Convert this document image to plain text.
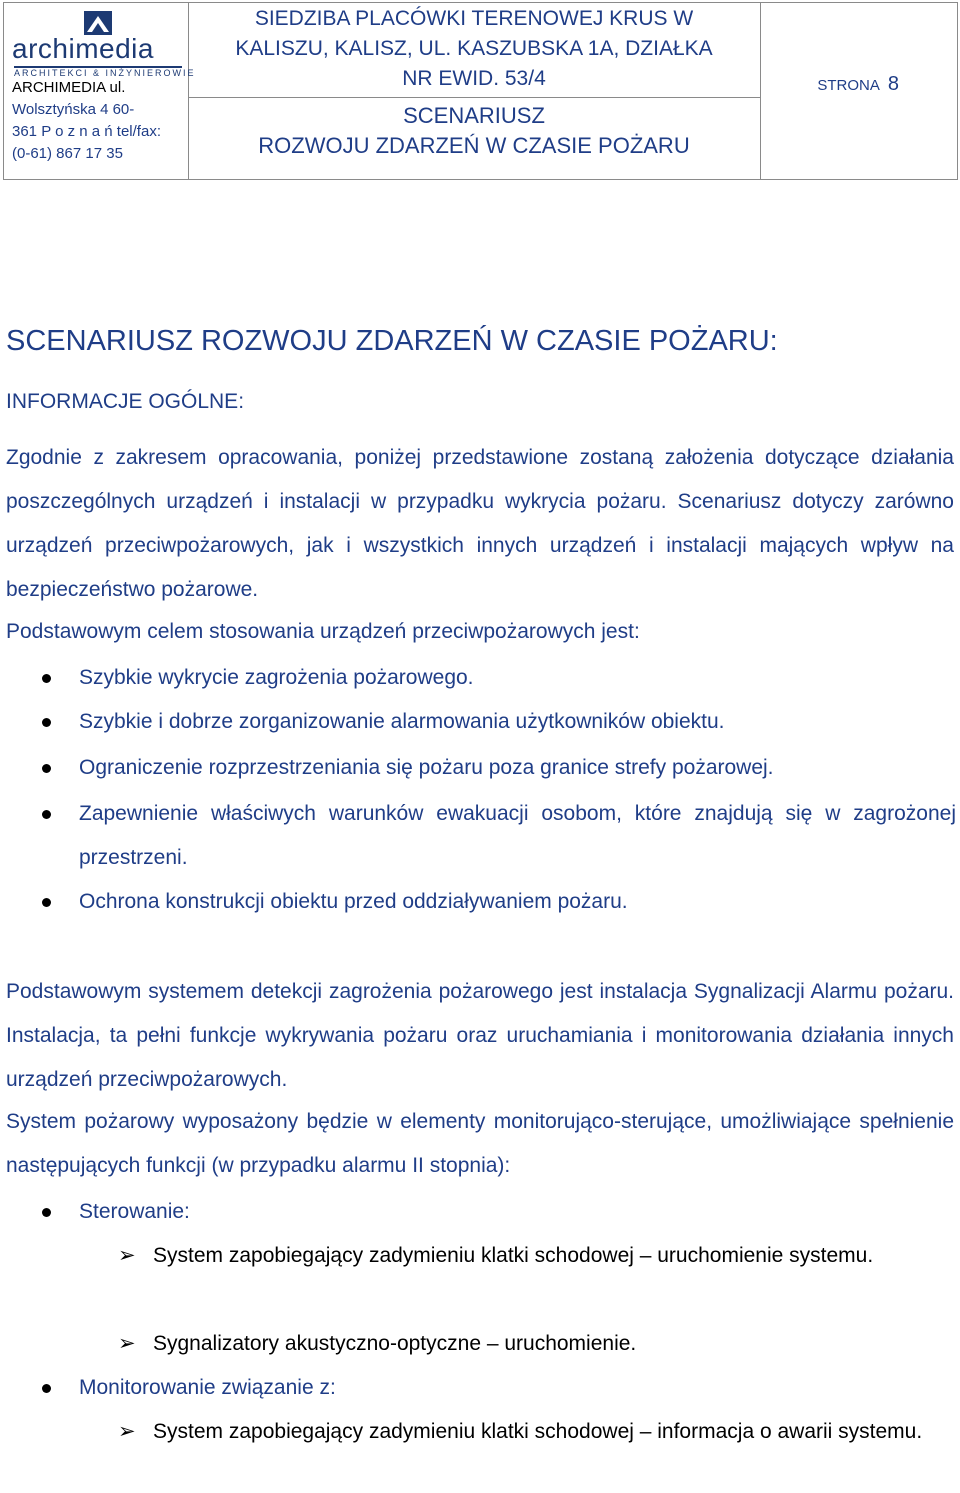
archimedia
ARCHITEKCI & INŻYNIEROWIE
ARCHIMEDIA ul.
Wolsztyńska 4 60-
361 P o z n a ń tel/fax:
(0-61) 867 17 35
SIEDZIBA PLACÓWKI TERENOWEJ KRUS W
KALISZU, KALISZ, UL. KASZUBSKA 1A, DZIAŁKA
NR EWID. 53/4
SCENARIUSZ
ROZWOJU ZDARZEŃ W CZASIE POŻARU
STRONA 8
SCENARIUSZ ROZWOJU ZDARZEŃ W CZASIE POŻARU:
INFORMACJE OGÓLNE:
Zgodnie z zakresem opracowania, poniżej przedstawione zostaną założenia dotyczące działania poszczególnych urządzeń i instalacji w przypadku wykrycia pożaru. Scenariusz dotyczy zarówno urządzeń przeciwpożarowych, jak i wszystkich innych urządzeń i instalacji mających wpływ na bezpieczeństwo pożarowe.
Podstawowym celem stosowania urządzeń przeciwpożarowych jest:
Szybkie wykrycie zagrożenia pożarowego.
Szybkie i dobrze zorganizowanie alarmowania użytkowników obiektu.
Ograniczenie rozprzestrzeniania się pożaru poza granice strefy pożarowej.
Zapewnienie właściwych warunków ewakuacji osobom, które znajdują się w zagrożonej przestrzeni.
Ochrona konstrukcji obiektu przed oddziaływaniem pożaru.
Podstawowym systemem detekcji zagrożenia pożarowego jest instalacja Sygnalizacji Alarmu pożaru. Instalacja, ta pełni funkcje wykrywania pożaru oraz uruchamiania i monitorowania działania innych urządzeń przeciwpożarowych.
System pożarowy wyposażony będzie w elementy monitorująco-sterujące, umożliwiające spełnienie następujących funkcji (w przypadku alarmu II stopnia):
Sterowanie:
➢ System zapobiegający zadymieniu klatki schodowej – uruchomienie systemu.
➢ Sygnalizatory akustyczno-optyczne – uruchomienie.
Monitorowanie związanie z:
➢ System zapobiegający zadymieniu klatki schodowej – informacja o awarii systemu.
